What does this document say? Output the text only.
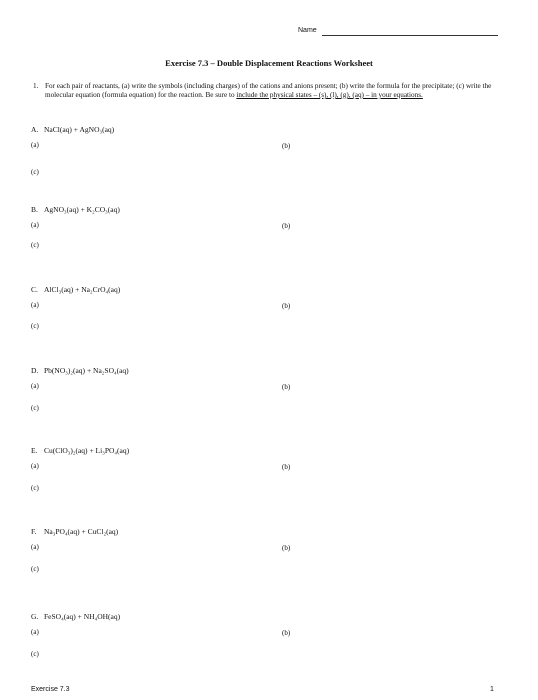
Name
Exercise 7.3 – Double Displacement Reactions Worksheet
1. For each pair of reactants, (a) write the symbols (including charges) of the cations and anions present; (b) write the formula for the precipitate; (c) write the molecular equation (formula equation) for the reaction. Be sure to include the physical states – (s), (l), (g), (aq) – in your equations.
A. NaCl(aq) + AgNO₃(aq)
(a)	(b)
(c)
B. AgNO₃(aq) + K₂CO₃(aq)
(a)	(b)
(c)
C. AlCl₃(aq) + Na₂CrO₄(aq)
(a)	(b)
(c)
D. Pb(NO₃)₂(aq) + Na₂SO₄(aq)
(a)	(b)
(c)
E. Cu(ClO₃)₂(aq) + Li₃PO₄(aq)
(a)	(b)
(c)
F. Na₃PO₄(aq) + CuCl₂(aq)
(a)	(b)
(c)
G. FeSO₄(aq) + NH₄OH(aq)
(a)	(b)
(c)
Exercise 7.3	1
